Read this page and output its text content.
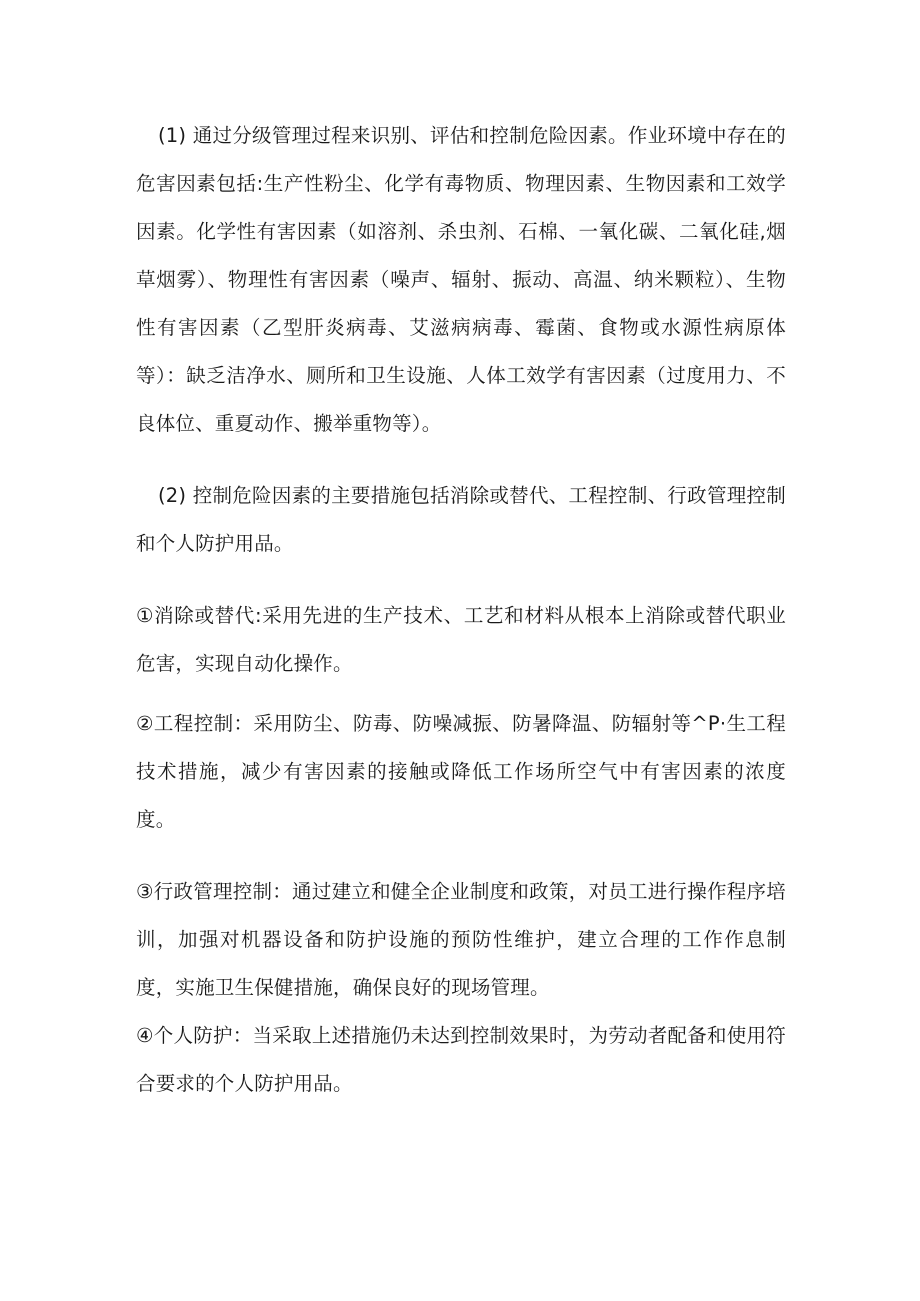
(1) 通过分级管理过程来识别、评估和控制危险因素。作业环境中存在的危害因素包括:生产性粉尘、化学有毒物质、物理因素、生物因素和工效学因素。化学性有害因素（如溶剂、杀虫剂、石棉、一氧化碳、二氧化硅,烟草烟雾）、物理性有害因素（噪声、辐射、振动、高温、纳米颗粒）、生物性有害因素（乙型肝炎病毒、艾滋病病毒、霉菌、食物或水源性病原体等）：缺乏洁净水、厕所和卫生设施、人体工效学有害因素（过度用力、不良体位、重夏动作、搬举重物等）。

(2) 控制危险因素的主要措施包括消除或替代、工程控制、行政管理控制和个人防护用品。

①消除或替代:采用先进的生产技术、工艺和材料从根本上消除或替代职业危害，实现自动化操作。

②工程控制：采用防尘、防毒、防噪减振、防暑降温、防辐射等^P·生工程技术措施，减少有害因素的接触或降低工作场所空气中有害因素的浓度度。

③行政管理控制：通过建立和健全企业制度和政策，对员工进行操作程序培训，加强对机器设备和防护设施的预防性维护，建立合理的工作作息制度，实施卫生保健措施，确保良好的现场管理。

④个人防护：当采取上述措施仍未达到控制效果时，为劳动者配备和使用符合要求的个人防护用品。
